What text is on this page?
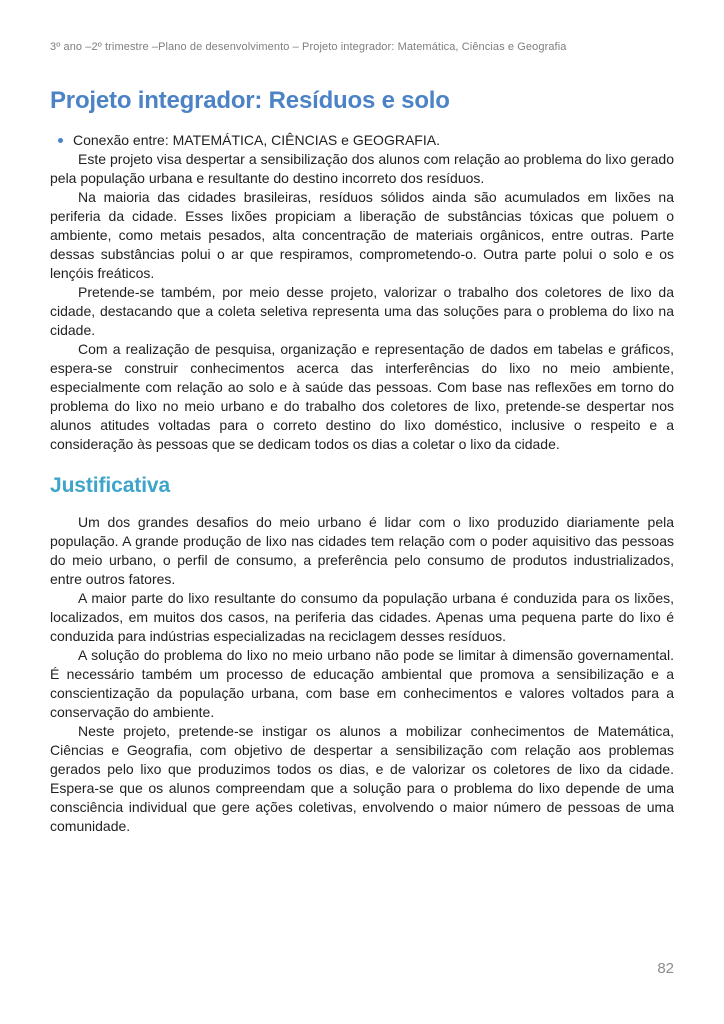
3º ano –2º trimestre –Plano de desenvolvimento – Projeto integrador: Matemática, Ciências e Geografia
Projeto integrador: Resíduos e solo
Conexão entre: MATEMÁTICA, CIÊNCIAS e GEOGRAFIA.

Este projeto visa despertar a sensibilização dos alunos com relação ao problema do lixo gerado pela população urbana e resultante do destino incorreto dos resíduos.

Na maioria das cidades brasileiras, resíduos sólidos ainda são acumulados em lixões na periferia da cidade. Esses lixões propiciam a liberação de substâncias tóxicas que poluem o ambiente, como metais pesados, alta concentração de materiais orgânicos, entre outras. Parte dessas substâncias polui o ar que respiramos, comprometendo-o. Outra parte polui o solo e os lençóis freáticos.

Pretende-se também, por meio desse projeto, valorizar o trabalho dos coletores de lixo da cidade, destacando que a coleta seletiva representa uma das soluções para o problema do lixo na cidade.

Com a realização de pesquisa, organização e representação de dados em tabelas e gráficos, espera-se construir conhecimentos acerca das interferências do lixo no meio ambiente, especialmente com relação ao solo e à saúde das pessoas. Com base nas reflexões em torno do problema do lixo no meio urbano e do trabalho dos coletores de lixo, pretende-se despertar nos alunos atitudes voltadas para o correto destino do lixo doméstico, inclusive o respeito e a consideração às pessoas que se dedicam todos os dias a coletar o lixo da cidade.

Justificativa

Um dos grandes desafios do meio urbano é lidar com o lixo produzido diariamente pela população. A grande produção de lixo nas cidades tem relação com o poder aquisitivo das pessoas do meio urbano, o perfil de consumo, a preferência pelo consumo de produtos industrializados, entre outros fatores.

A maior parte do lixo resultante do consumo da população urbana é conduzida para os lixões, localizados, em muitos dos casos, na periferia das cidades. Apenas uma pequena parte do lixo é conduzida para indústrias especializadas na reciclagem desses resíduos.

A solução do problema do lixo no meio urbano não pode se limitar à dimensão governamental. É necessário também um processo de educação ambiental que promova a sensibilização e a conscientização da população urbana, com base em conhecimentos e valores voltados para a conservação do ambiente.

Neste projeto, pretende-se instigar os alunos a mobilizar conhecimentos de Matemática, Ciências e Geografia, com objetivo de despertar a sensibilização com relação aos problemas gerados pelo lixo que produzimos todos os dias, e de valorizar os coletores de lixo da cidade. Espera-se que os alunos compreendam que a solução para o problema do lixo depende de uma consciência individual que gere ações coletivas, envolvendo o maior número de pessoas de uma comunidade.

82
